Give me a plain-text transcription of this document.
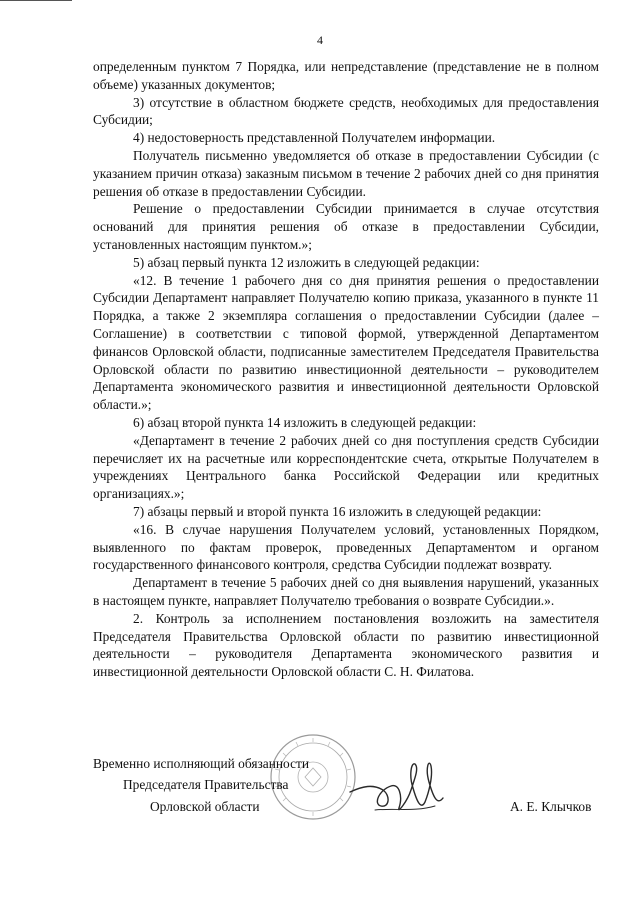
4

определенным пунктом 7 Порядка, или непредставление (представление не в полном объеме) указанных документов;

3) отсутствие в областном бюджете средств, необходимых для предоставления Субсидии;

4) недостоверность представленной Получателем информации.

Получатель письменно уведомляется об отказе в предоставлении Субсидии (с указанием причин отказа) заказным письмом в течение 2 рабочих дней со дня принятия решения об отказе в предоставлении Субсидии.

Решение о предоставлении Субсидии принимается в случае отсутствия оснований для принятия решения об отказе в предоставлении Субсидии, установленных настоящим пунктом.»;

5) абзац первый пункта 12 изложить в следующей редакции:

«12. В течение 1 рабочего дня со дня принятия решения о предоставлении Субсидии Департамент направляет Получателю копию приказа, указанного в пункте 11 Порядка, а также 2 экземпляра соглашения о предоставлении Субсидии (далее – Соглашение) в соответствии с типовой формой, утвержденной Департаментом финансов Орловской области, подписанные заместителем Председателя Правительства Орловской области по развитию инвестиционной деятельности – руководителем Департамента экономического развития и инвестиционной деятельности Орловской области.»;

6) абзац второй пункта 14 изложить в следующей редакции:

«Департамент в течение 2 рабочих дней со дня поступления средств Субсидии перечисляет их на расчетные или корреспондентские счета, открытые Получателем в учреждениях Центрального банка Российской Федерации или кредитных организациях.»;

7) абзацы первый и второй пункта 16 изложить в следующей редакции:

«16. В случае нарушения Получателем условий, установленных Порядком, выявленного по фактам проверок, проведенных Департаментом и органом государственного финансового контроля, средства Субсидии подлежат возврату.

Департамент в течение 5 рабочих дней со дня выявления нарушений, указанных в настоящем пункте, направляет Получателю требования о возврате Субсидии.».

2. Контроль за исполнением постановления возложить на заместителя Председателя Правительства Орловской области по развитию инвестиционной деятельности – руководителя Департамента экономического развития и инвестиционной деятельности Орловской области С. Н. Филатова.

Временно исполняющий обязанности
Председателя Правительства
Орловской области	А. Е. Клычков
